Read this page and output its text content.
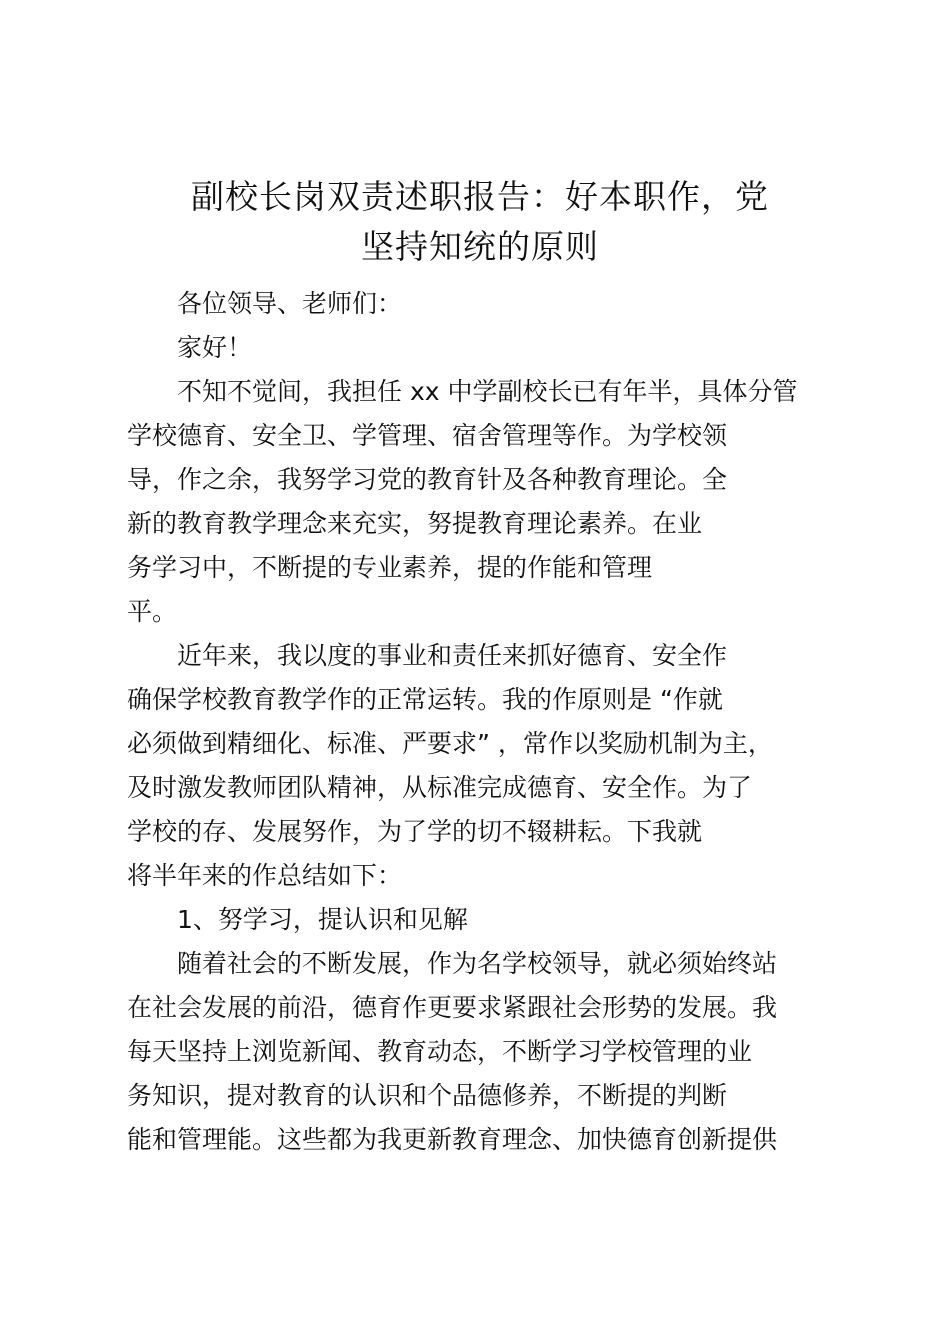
副校长岗双责述职报告：好本职作，党
坚持知统的原则

各位领导、老师们：

家好！

不知不觉间，我担任 xx 中学副校长已有年半，具体分管

学校德育、安全卫、学管理、宿舍管理等作。为学校领

导，作之余，我努学习党的教育针及各种教育理论。全

新的教育教学理念来充实，努提教育理论素养。在业

务学习中，不断提的专业素养，提的作能和管理

平。

近年来，我以度的事业和责任来抓好德育、安全作

确保学校教育教学作的正常运转。我的作原则是 “作就

必须做到精细化、标准、严要求” ，常作以奖励机制为主，

及时激发教师团队精神，从标准完成德育、安全作。为了

学校的存、发展努作，为了学的切不辍耕耘。下我就

将半年来的作总结如下：

1、努学习，提认识和见解

随着社会的不断发展，作为名学校领导，就必须始终站

在社会发展的前沿，德育作更要求紧跟社会形势的发展。我

每天坚持上浏览新闻、教育动态，不断学习学校管理的业

务知识，提对教育的认识和个品德修养，不断提的判断

能和管理能。这些都为我更新教育理念、加快德育创新提供
